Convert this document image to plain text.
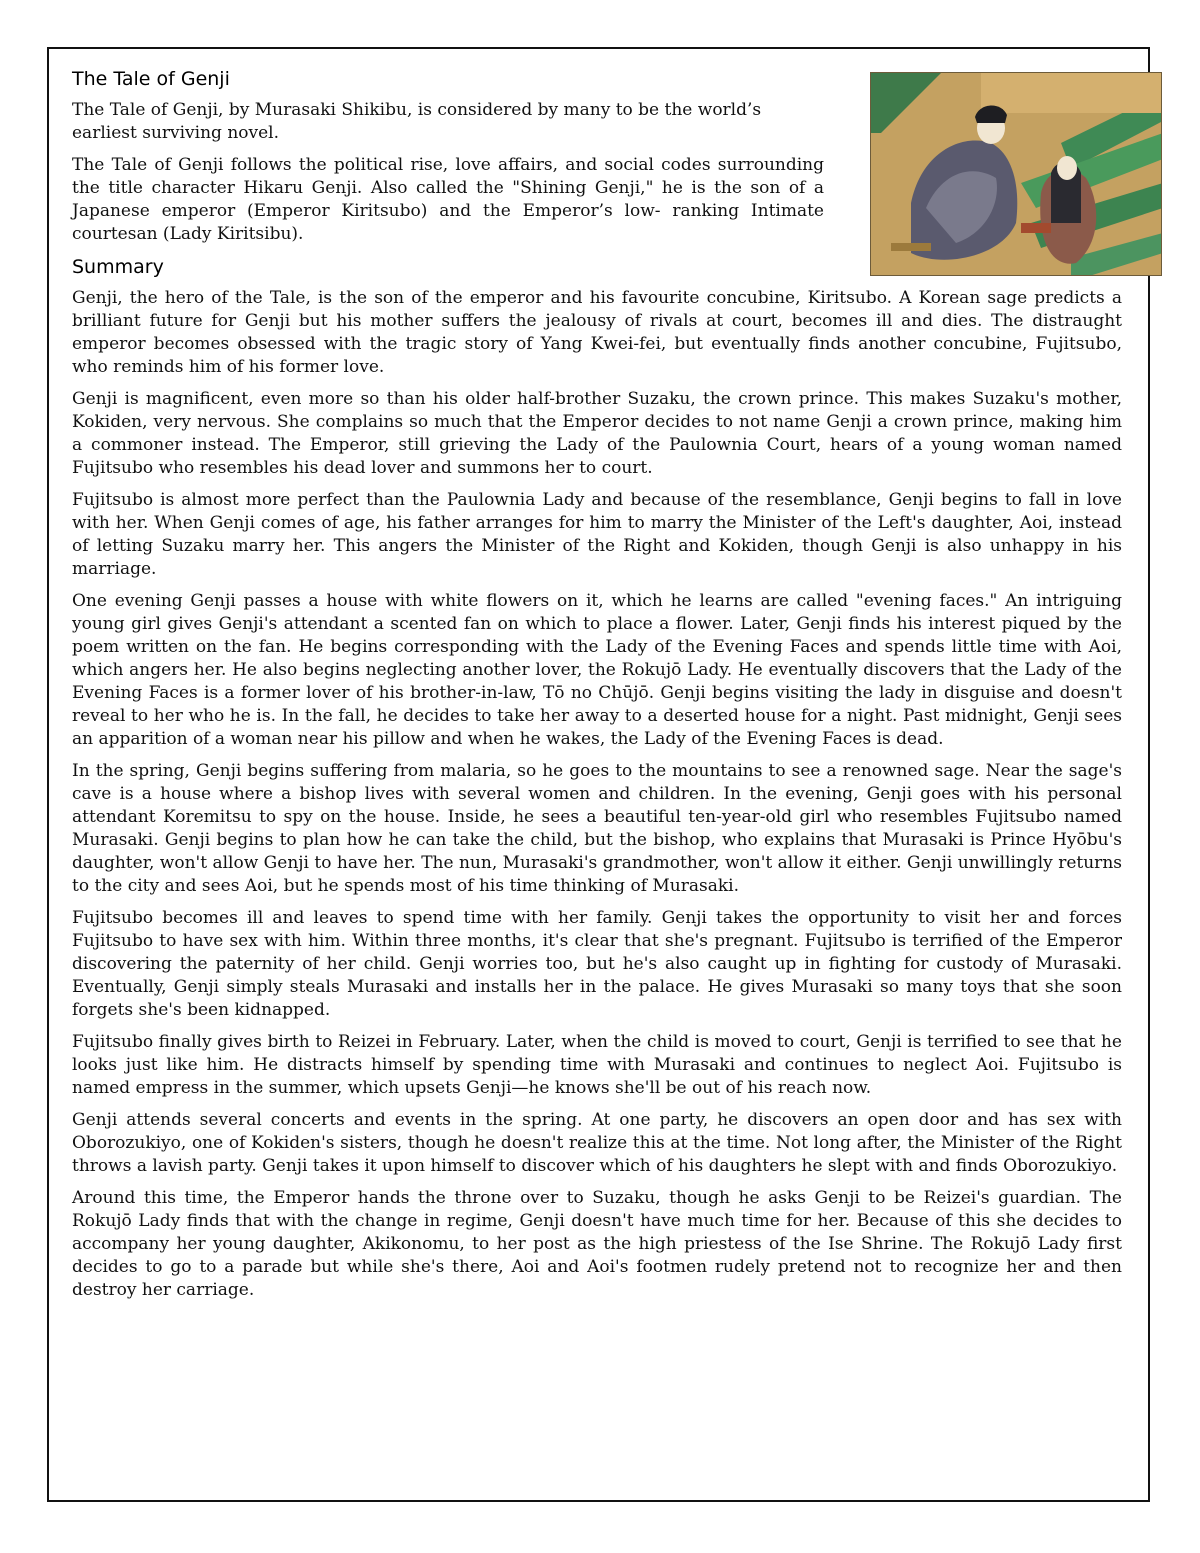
The Tale of Genji

The Tale of Genji, by Murasaki Shikibu, is considered by many to be the world’s earliest surviving novel.

The Tale of Genji follows the political rise, love affairs, and social codes surrounding the title character Hikaru Genji. Also called the "Shining Genji," he is the son of a Japanese emperor (Emperor Kiritsubo) and the Emperor’s low- ranking Intimate courtesan (Lady Kiritsibu).

Summary

Genji, the hero of the Tale, is the son of the emperor and his favourite concubine, Kiritsubo. A Korean sage predicts a brilliant future for Genji but his mother suffers the jealousy of rivals at court, becomes ill and dies. The distraught emperor becomes obsessed with the tragic story of Yang Kwei-fei, but eventually finds another concubine, Fujitsubo, who reminds him of his former love.

Genji is magnificent, even more so than his older half-brother Suzaku, the crown prince. This makes Suzaku's mother, Kokiden, very nervous. She complains so much that the Emperor decides to not name Genji a crown prince, making him a commoner instead. The Emperor, still grieving the Lady of the Paulownia Court, hears of a young woman named Fujitsubo who resembles his dead lover and summons her to court.

Fujitsubo is almost more perfect than the Paulownia Lady and because of the resemblance, Genji begins to fall in love with her. When Genji comes of age, his father arranges for him to marry the Minister of the Left's daughter, Aoi, instead of letting Suzaku marry her. This angers the Minister of the Right and Kokiden, though Genji is also unhappy in his marriage.

One evening Genji passes a house with white flowers on it, which he learns are called "evening faces." An intriguing young girl gives Genji's attendant a scented fan on which to place a flower. Later, Genji finds his interest piqued by the poem written on the fan. He begins corresponding with the Lady of the Evening Faces and spends little time with Aoi, which angers her. He also begins neglecting another lover, the Rokujō Lady. He eventually discovers that the Lady of the Evening Faces is a former lover of his brother-in-law, Tō no Chūjō. Genji begins visiting the lady in disguise and doesn't reveal to her who he is. In the fall, he decides to take her away to a deserted house for a night. Past midnight, Genji sees an apparition of a woman near his pillow and when he wakes, the Lady of the Evening Faces is dead.

In the spring, Genji begins suffering from malaria, so he goes to the mountains to see a renowned sage. Near the sage's cave is a house where a bishop lives with several women and children. In the evening, Genji goes with his personal attendant Koremitsu to spy on the house. Inside, he sees a beautiful ten-year-old girl who resembles Fujitsubo named Murasaki. Genji begins to plan how he can take the child, but the bishop, who explains that Murasaki is Prince Hyōbu's daughter, won't allow Genji to have her. The nun, Murasaki's grandmother, won't allow it either. Genji unwillingly returns to the city and sees Aoi, but he spends most of his time thinking of Murasaki.

Fujitsubo becomes ill and leaves to spend time with her family. Genji takes the opportunity to visit her and forces Fujitsubo to have sex with him. Within three months, it's clear that she's pregnant. Fujitsubo is terrified of the Emperor discovering the paternity of her child. Genji worries too, but he's also caught up in fighting for custody of Murasaki. Eventually, Genji simply steals Murasaki and installs her in the palace. He gives Murasaki so many toys that she soon forgets she's been kidnapped.

Fujitsubo finally gives birth to Reizei in February. Later, when the child is moved to court, Genji is terrified to see that he looks just like him. He distracts himself by spending time with Murasaki and continues to neglect Aoi. Fujitsubo is named empress in the summer, which upsets Genji—he knows she'll be out of his reach now.

Genji attends several concerts and events in the spring. At one party, he discovers an open door and has sex with Oborozukiyo, one of Kokiden's sisters, though he doesn't realize this at the time. Not long after, the Minister of the Right throws a lavish party. Genji takes it upon himself to discover which of his daughters he slept with and finds Oborozukiyo.

Around this time, the Emperor hands the throne over to Suzaku, though he asks Genji to be Reizei's guardian. The Rokujō Lady finds that with the change in regime, Genji doesn't have much time for her. Because of this she decides to accompany her young daughter, Akikonomu, to her post as the high priestess of the Ise Shrine. The Rokujō Lady first decides to go to a parade but while she's there, Aoi and Aoi's footmen rudely pretend not to recognize her and then destroy her carriage.
